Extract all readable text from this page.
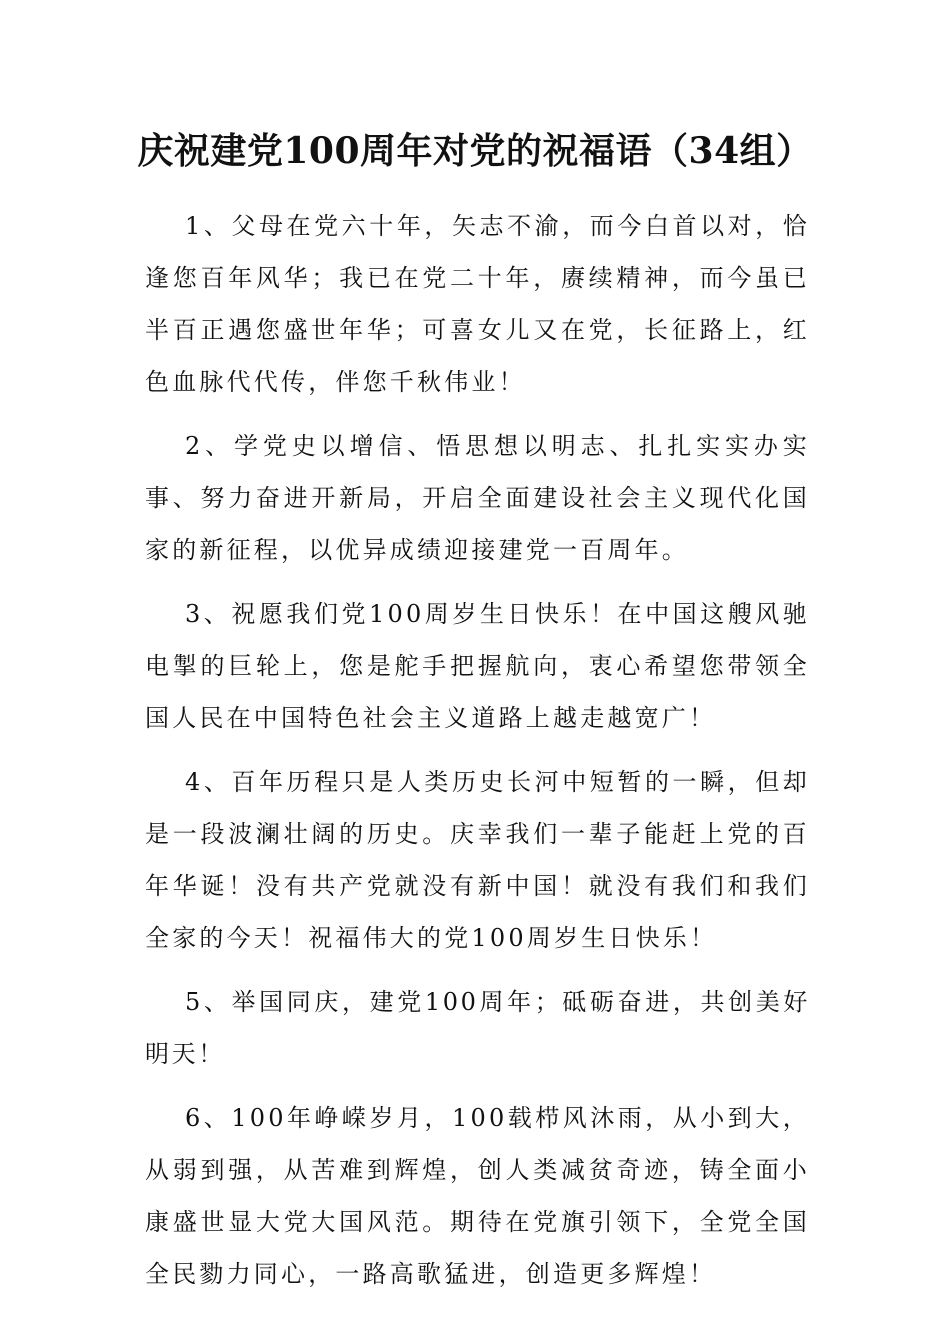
庆祝建党100周年对党的祝福语（34组）

1、父母在党六十年，矢志不渝，而今白首以对，恰逢您百年风华；我已在党二十年，赓续精神，而今虽已半百正遇您盛世年华；可喜女儿又在党，长征路上，红色血脉代代传，伴您千秋伟业！

2、学党史以增信、悟思想以明志、扎扎实实办实事、努力奋进开新局，开启全面建设社会主义现代化国家的新征程，以优异成绩迎接建党一百周年。

3、祝愿我们党100周岁生日快乐！在中国这艘风驰电掣的巨轮上，您是舵手把握航向，衷心希望您带领全国人民在中国特色社会主义道路上越走越宽广！

4、百年历程只是人类历史长河中短暂的一瞬，但却是一段波澜壮阔的历史。庆幸我们一辈子能赶上党的百年华诞！没有共产党就没有新中国！就没有我们和我们全家的今天！祝福伟大的党100周岁生日快乐！

5、举国同庆，建党100周年；砥砺奋进，共创美好明天！

6、100年峥嵘岁月，100载栉风沐雨，从小到大，从弱到强，从苦难到辉煌，创人类减贫奇迹，铸全面小康盛世显大党大国风范。期待在党旗引领下，全党全国全民勠力同心，一路高歌猛进，创造更多辉煌！
